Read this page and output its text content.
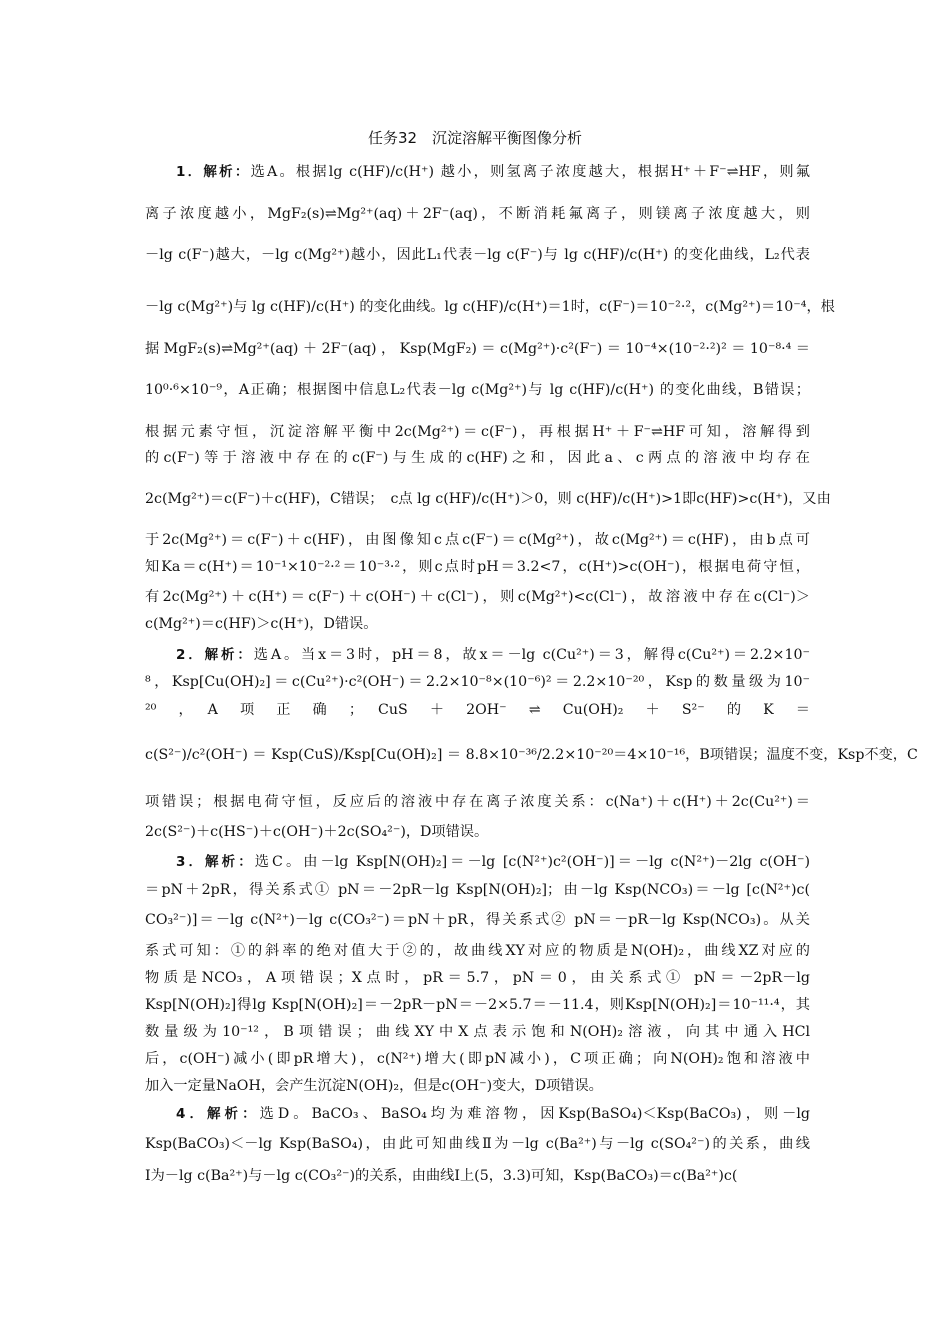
任务32　沉淀溶解平衡图像分析
1．解析：选A。根据lg c(HF)/c(H⁺) 越小，则氢离子浓度越大，根据H⁺＋F⁻⇌HF，则氟
离子浓度越小，MgF₂(s)⇌Mg²⁺(aq)＋2F⁻(aq)，不断消耗氟离子，则镁离子浓度越大，则
－lg c(F⁻)越大，－lg c(Mg²⁺)越小，因此L₁代表－lg c(F⁻)与 lg c(HF)/c(H⁺) 的变化曲线，L₂代表
－lg c(Mg²⁺)与 lg c(HF)/c(H⁺) 的变化曲线。lg c(HF)/c(H⁺)＝1时，c(F⁻)＝10⁻²·²，c(Mg²⁺)＝10⁻⁴，根
据MgF₂(s)⇌Mg²⁺(aq)＋2F⁻(aq)，Ksp(MgF₂)＝c(Mg²⁺)·c²(F⁻)＝10⁻⁴×(10⁻²·²)²＝10⁻⁸·⁴＝
10⁰·⁶×10⁻⁹，A正确；根据图中信息L₂代表－lg c(Mg²⁺)与 lg c(HF)/c(H⁺) 的变化曲线，B错误；
根据元素守恒，沉淀溶解平衡中2c(Mg²⁺)＝c(F⁻)，再根据H⁺＋F⁻⇌HF可知，溶解得到
的c(F⁻)等于溶液中存在的c(F⁻)与生成的c(HF)之和，因此a、c两点的溶液中均存在
2c(Mg²⁺)＝c(F⁻)＋c(HF)，C错误；　c点 lg c(HF)/c(H⁺)＞0，则 c(HF)/c(H⁺)>1即c(HF)>c(H⁺)，又由
于2c(Mg²⁺)＝c(F⁻)＋c(HF)，由图像知c点c(F⁻)＝c(Mg²⁺)，故c(Mg²⁺)＝c(HF)，由b点可
知Ka＝c(H⁺)＝10⁻¹×10⁻²·²＝10⁻³·²，则c点时pH＝3.2<7，c(H⁺)>c(OH⁻)，根据电荷守恒，
有2c(Mg²⁺)＋c(H⁺)＝c(F⁻)＋c(OH⁻)＋c(Cl⁻)，则c(Mg²⁺)<c(Cl⁻)，故溶液中存在c(Cl⁻)＞
c(Mg²⁺)＝c(HF)＞c(H⁺)，D错误。
2．解析：选A。当x＝3时，pH＝8，故x＝－lg c(Cu²⁺)＝3，解得c(Cu²⁺)＝2.2×10⁻
⁸，Ksp[Cu(OH)₂]＝c(Cu²⁺)·c²(OH⁻)＝2.2×10⁻⁸×(10⁻⁶)²＝2.2×10⁻²⁰，Ksp的数量级为10⁻
²⁰　，　A　项　正　确　；　CuS　＋　2OH⁻　⇌　Cu(OH)₂　＋　S²⁻　的　K　＝
c(S²⁻)/c²(OH⁻) ＝ Ksp(CuS)/Ksp[Cu(OH)₂] ＝ 8.8×10⁻³⁶/2.2×10⁻²⁰＝4×10⁻¹⁶，B项错误；温度不变，Ksp不变，C
项错误；根据电荷守恒，反应后的溶液中存在离子浓度关系：c(Na⁺)＋c(H⁺)＋2c(Cu²⁺)＝
2c(S²⁻)＋c(HS⁻)＋c(OH⁻)＋2c(SO₄²⁻)，D项错误。
3．解析：选C。由－lg Ksp[N(OH)₂]＝－lg [c(N²⁺)c²(OH⁻)]＝－lg c(N²⁺)－2lg c(OH⁻)
＝pN＋2pR，得关系式① pN＝－2pR－lg Ksp[N(OH)₂]；由－lg Ksp(NCO₃)＝－lg [c(N²⁺)c(
CO₃²⁻)]＝－lg c(N²⁺)－lg c(CO₃²⁻)＝pN＋pR，得关系式② pN＝－pR－lg Ksp(NCO₃)。从关
系式可知：①的斜率的绝对值大于②的，故曲线XY对应的物质是N(OH)₂，曲线XZ对应的
物质是NCO₃，A项错误；X点时，pR＝5.7，pN＝0，由关系式① pN＝－2pR－lg
Ksp[N(OH)₂]得lg Ksp[N(OH)₂]＝－2pR－pN＝－2×5.7＝－11.4，则Ksp[N(OH)₂]＝10⁻¹¹·⁴，其
数量级为10⁻¹²，B项错误；曲线XY中X点表示饱和N(OH)₂溶液，向其中通入HCl
后，c(OH⁻)减小(即pR增大)，c(N²⁺)增大(即pN减小)，C项正确；向N(OH)₂饱和溶液中
加入一定量NaOH，会产生沉淀N(OH)₂，但是c(OH⁻)变大，D项错误。
4．解析：选D。BaCO₃、BaSO₄均为难溶物，因Ksp(BaSO₄)＜Ksp(BaCO₃)，则－lg
Ksp(BaCO₃)＜－lg Ksp(BaSO₄)，由此可知曲线Ⅱ为－lg c(Ba²⁺)与－lg c(SO₄²⁻)的关系，曲线
Ⅰ为－lg c(Ba²⁺)与－lg c(CO₃²⁻)的关系，由曲线Ⅰ上(5，3.3)可知，Ksp(BaCO₃)＝c(Ba²⁺)c(
